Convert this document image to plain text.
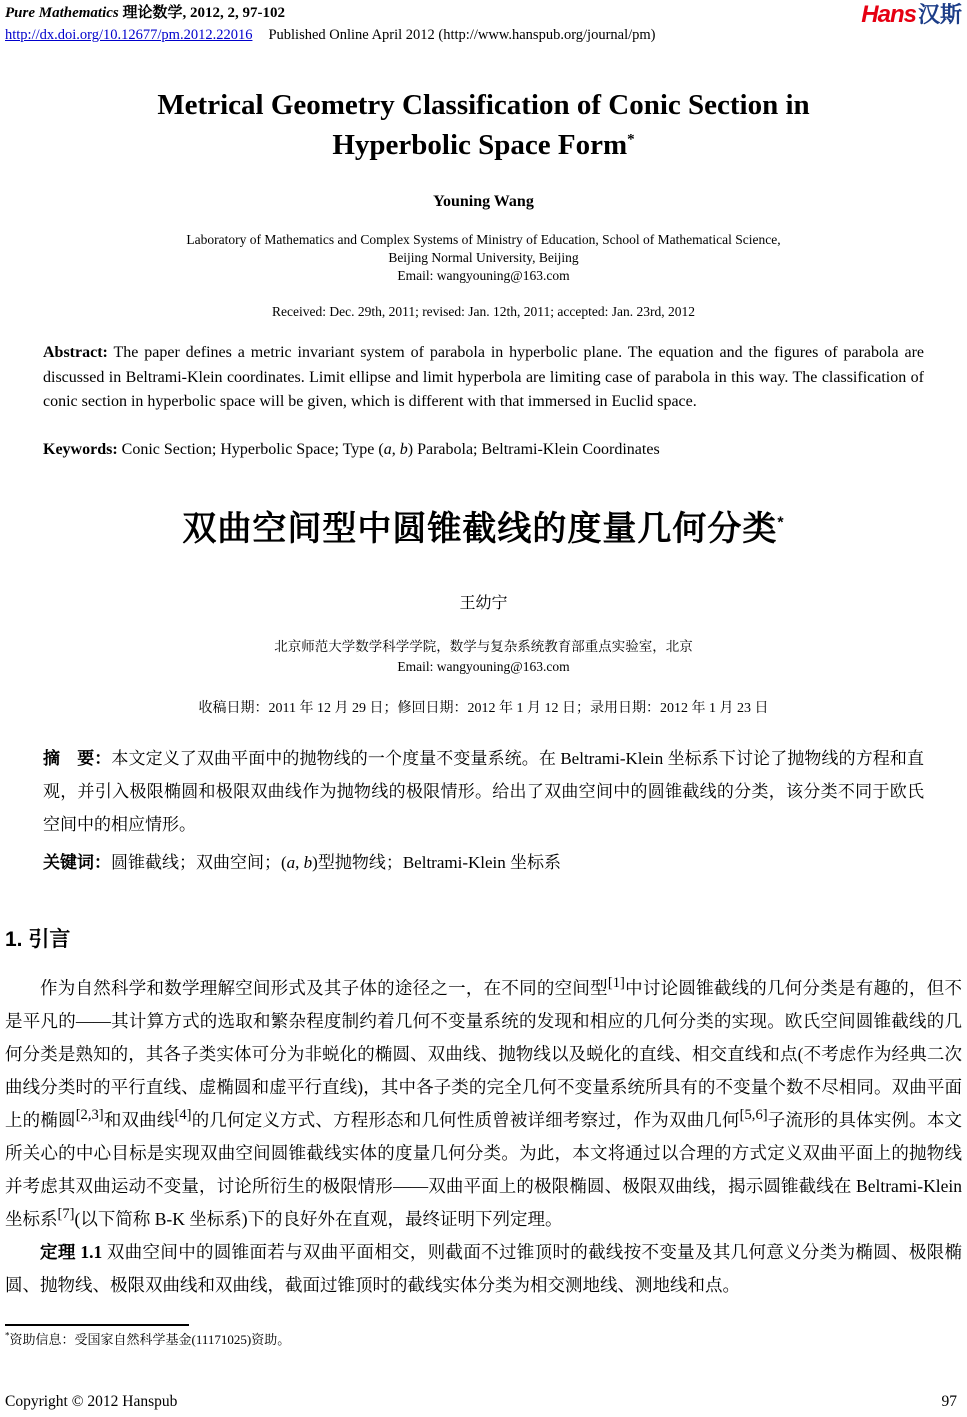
Pure Mathematics 理论数学, 2012, 2, 97-102
http://dx.doi.org/10.12677/pm.2012.22016 Published Online April 2012 (http://www.hanspub.org/journal/pm)
Hans汉斯
Metrical Geometry Classification of Conic Section in
Hyperbolic Space Form*
Youning Wang
Laboratory of Mathematics and Complex Systems of Ministry of Education, School of Mathematical Science,
Beijing Normal University, Beijing
Email: wangyouning@163.com
Received: Dec. 29th, 2011; revised: Jan. 12th, 2011; accepted: Jan. 23rd, 2012
Abstract: The paper defines a metric invariant system of parabola in hyperbolic plane. The equation and the figures of parabola are discussed in Beltrami-Klein coordinates. Limit ellipse and limit hyperbola are limiting case of parabola in this way. The classification of conic section in hyperbolic space will be given, which is different with that immersed in Euclid space.
Keywords: Conic Section; Hyperbolic Space; Type (a, b) Parabola; Beltrami-Klein Coordinates
双曲空间型中圆锥截线的度量几何分类*
王幼宁
北京师范大学数学科学学院，数学与复杂系统教育部重点实验室，北京
Email: wangyouning@163.com
收稿日期：2011 年 12 月 29 日；修回日期：2012 年 1 月 12 日；录用日期：2012 年 1 月 23 日
摘　要：本文定义了双曲平面中的抛物线的一个度量不变量系统。在 Beltrami-Klein 坐标系下讨论了抛物线的方程和直观，并引入极限椭圆和极限双曲线作为抛物线的极限情形。给出了双曲空间中的圆锥截线的分类，该分类不同于欧氏空间中的相应情形。
关键词：圆锥截线；双曲空间；(a, b)型抛物线；Beltrami-Klein 坐标系
1. 引言
作为自然科学和数学理解空间形式及其子体的途径之一，在不同的空间型[1]中讨论圆锥截线的几何分类是有趣的，但不是平凡的——其计算方式的选取和繁杂程度制约着几何不变量系统的发现和相应的几何分类的实现。欧氏空间圆锥截线的几何分类是熟知的，其各子类实体可分为非蜕化的椭圆、双曲线、抛物线以及蜕化的直线、相交直线和点(不考虑作为经典二次曲线分类时的平行直线、虚椭圆和虚平行直线)，其中各子类的完全几何不变量系统所具有的不变量个数不尽相同。双曲平面上的椭圆[2,3]和双曲线[4]的几何定义方式、方程形态和几何性质曾被详细考察过，作为双曲几何[5,6]子流形的具体实例。本文所关心的中心目标是实现双曲空间圆锥截线实体的度量几何分类。为此，本文将通过以合理的方式定义双曲平面上的抛物线并考虑其双曲运动不变量，讨论所衍生的极限情形——双曲平面上的极限椭圆、极限双曲线，揭示圆锥截线在 Beltrami-Klein 坐标系[7](以下简称 B-K 坐标系)下的良好外在直观，最终证明下列定理。
定理 1.1 双曲空间中的圆锥面若与双曲平面相交，则截面不过锥顶时的截线按不变量及其几何意义分类为椭圆、极限椭圆、抛物线、极限双曲线和双曲线，截面过锥顶时的截线实体分类为相交测地线、测地线和点。
*资助信息：受国家自然科学基金(11171025)资助。
Copyright © 2012 Hanspub	97
